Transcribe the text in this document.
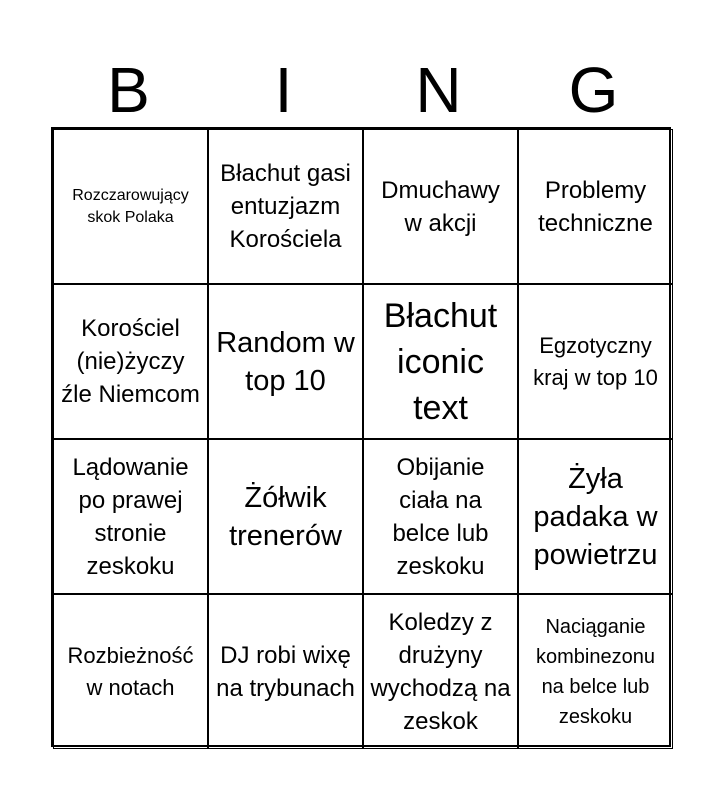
B	I	N	G
Rozczarowujący skok Polaka
Błachut gasi entuzjazm Korościela
Dmuchawy w akcji
Problemy techniczne
Korościel (nie)życzy źle Niemcom
Random w top 10
Błachut iconic text
Egzotyczny kraj w top 10
Lądowanie po prawej stronie zeskoku
Żółwik trenerów
Obijanie ciała na belce lub zeskoku
Żyła padaka w powietrzu
Rozbieżność w notach
DJ robi wixę na trybunach
Koledzy z drużyny wychodzą na zeskok
Naciąganie kombinezonu na belce lub zeskoku
